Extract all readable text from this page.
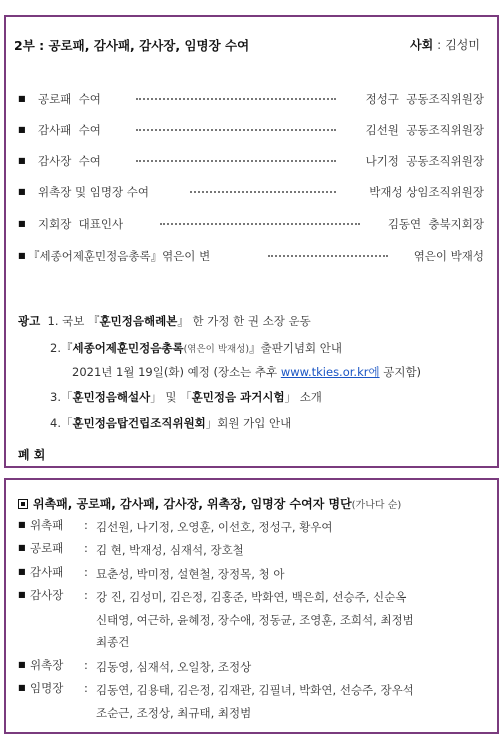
2부 : 공로패, 감사패, 감사장, 임명장 수여	사회 : 김성미
■ 공로패  수여	정성구  공동조직위원장
■ 감사패  수여	김선원  공동조직위원장
■ 감사장  수여	나기정  공동조직위원장
■ 위촉장 및 임명장 수여	박재성 상임조직위원장
■ 지회장  대표인사	김동연  충북지회장
■ 『세종어제훈민정음총록』엮은이 변	엮은이 박재성
광고 1. 국보 『훈민정음해례본』 한 가정 한 권 소장 운동
2.『세종어제훈민정음총록(엮은이 박재성)』출판기념회 안내
2021년 1월 19일(화) 예정 (장소는 추후 www.tkies.or.kr에 공지함)
3.「훈민정음해설사」 및 「훈민정음 과거시험」 소개
4.「훈민정음탑건립조직위원회」회원 가입 안내
폐 회
위촉패, 공로패, 감사패, 감사장, 위촉장, 임명장 수여자 명단(가나다 순)
■ 위촉패 : 김선원, 나기정, 오영훈, 이선호, 정성구, 황우여
■ 공로패 : 김 현, 박재성, 심재석, 장호철
■ 감사패 : 묘춘성, 박미정, 설현철, 장정목, 청 아
■ 감사장 : 강 진, 김성미, 김은정, 김홍준, 박화연, 백은희, 선승주, 신순옥
신태영, 여근하, 윤혜정, 장수애, 정동균, 조영훈, 조희석, 최정범
최종건
■ 위촉장 : 김동영, 심재석, 오일창, 조정상
■ 임명장 : 김동연, 김용태, 김은정, 김재관, 김필녀, 박화연, 선승주, 장우석
조순근, 조정상, 최규태, 최정범
